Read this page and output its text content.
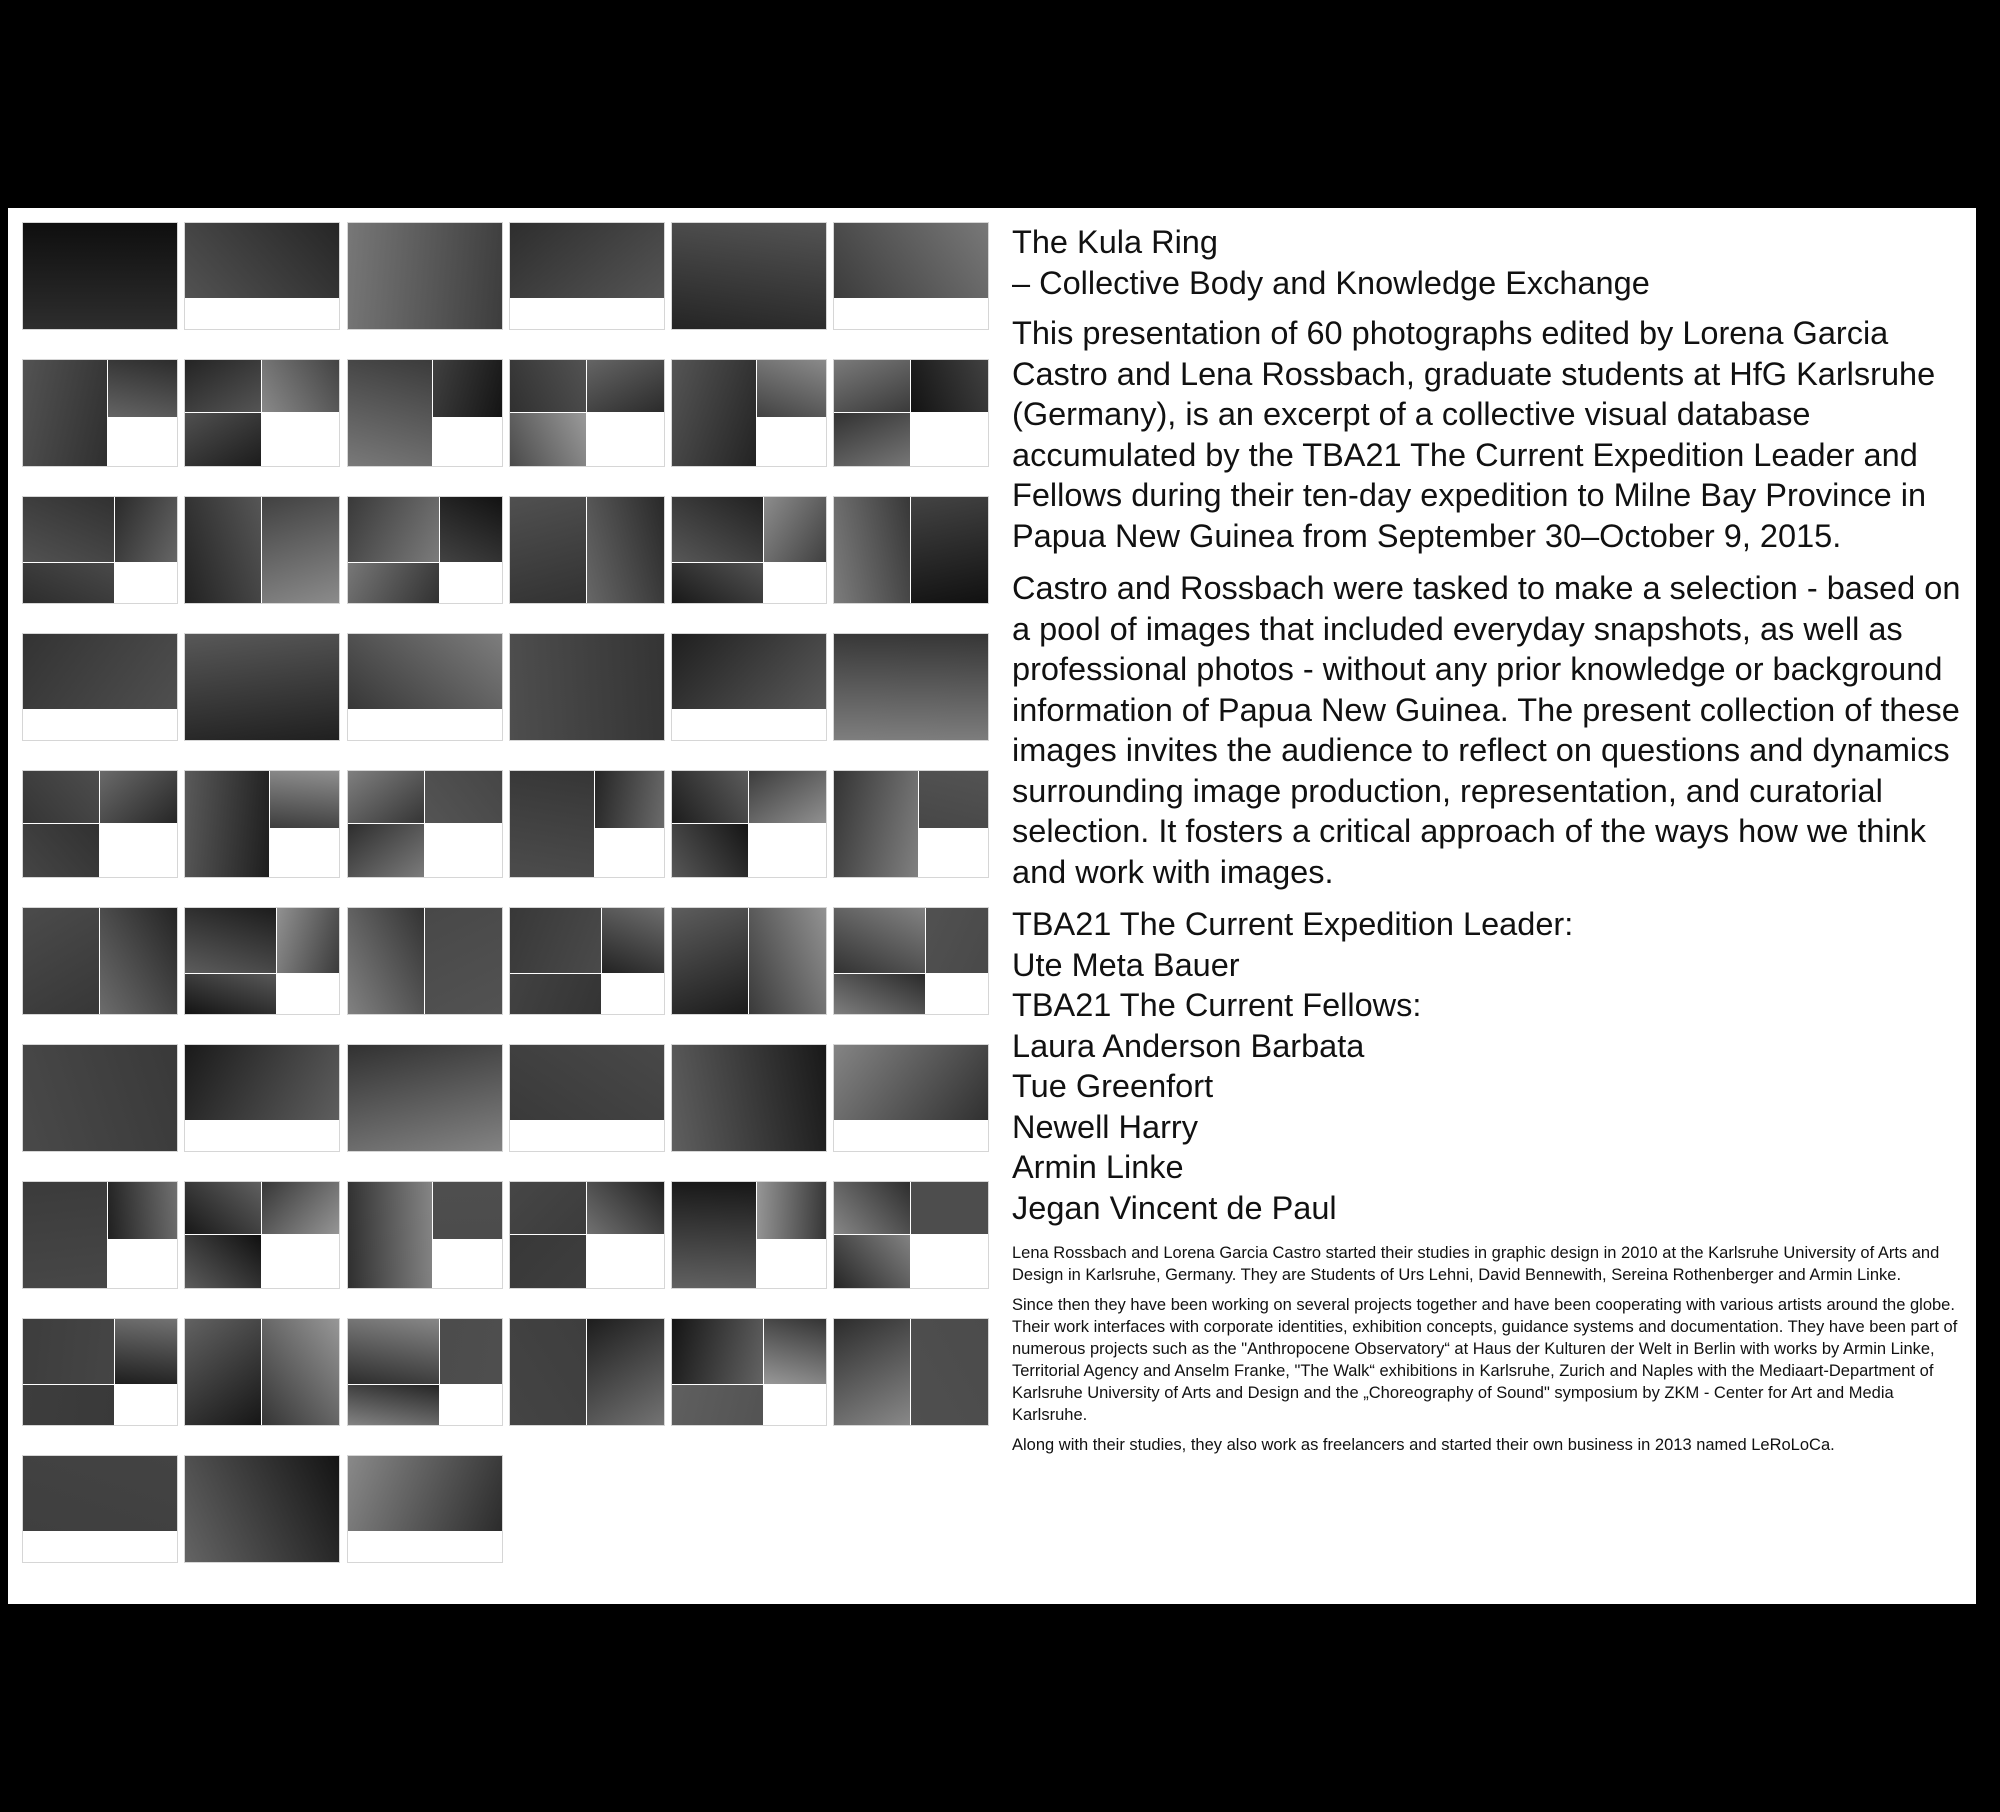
The Kula Ring
– Collective Body and Knowledge Exchange

This presentation of 60 photographs edited by Lorena Garcia Castro and Lena Rossbach, graduate students at HfG Karlsruhe (Germany), is an excerpt of a collective visual database accumulated by the TBA21 The Current Expedition Leader and Fellows during their ten-day expedition to Milne Bay Province in Papua New Guinea from September 30–October 9, 2015.

Castro and Rossbach were tasked to make a selection - based on a pool of images that included everyday snapshots, as well as professional photos - without any prior knowledge or background information of Papua New Guinea. The present collection of these images invites the audience to reflect on questions and dynamics surrounding image production, representation, and curatorial selection. It fosters a critical approach of the ways how we think and work with images.

TBA21 The Current Expedition Leader:
Ute Meta Bauer
TBA21 The Current Fellows:
Laura Anderson Barbata
Tue Greenfort
Newell Harry
Armin Linke
Jegan Vincent de Paul

Lena Rossbach and Lorena Garcia Castro started their studies in graphic design in 2010 at the Karlsruhe University of Arts and Design in Karlsruhe, Germany. They are Students of Urs Lehni, David Bennewith, Sereina Rothenberger and Armin Linke.

Since then they have been working on several projects together and have been cooperating with various artists around the globe. Their work interfaces with corporate identities, exhibition concepts, guidance systems and documentation. They have been part of numerous projects such as the "Anthropocene Observatory“ at Haus der Kulturen der Welt in Berlin with works by Armin Linke, Territorial Agency and Anselm Franke, "The Walk“ exhibitions in Karlsruhe, Zurich and Naples with the Mediaart-Department of Karlsruhe University of Arts and Design and the „Choreography of Sound" symposium by ZKM - Center for Art and Media Karlsruhe.

Along with their studies, they also work as freelancers and started their own business in 2013 named LeRoLoCa.
